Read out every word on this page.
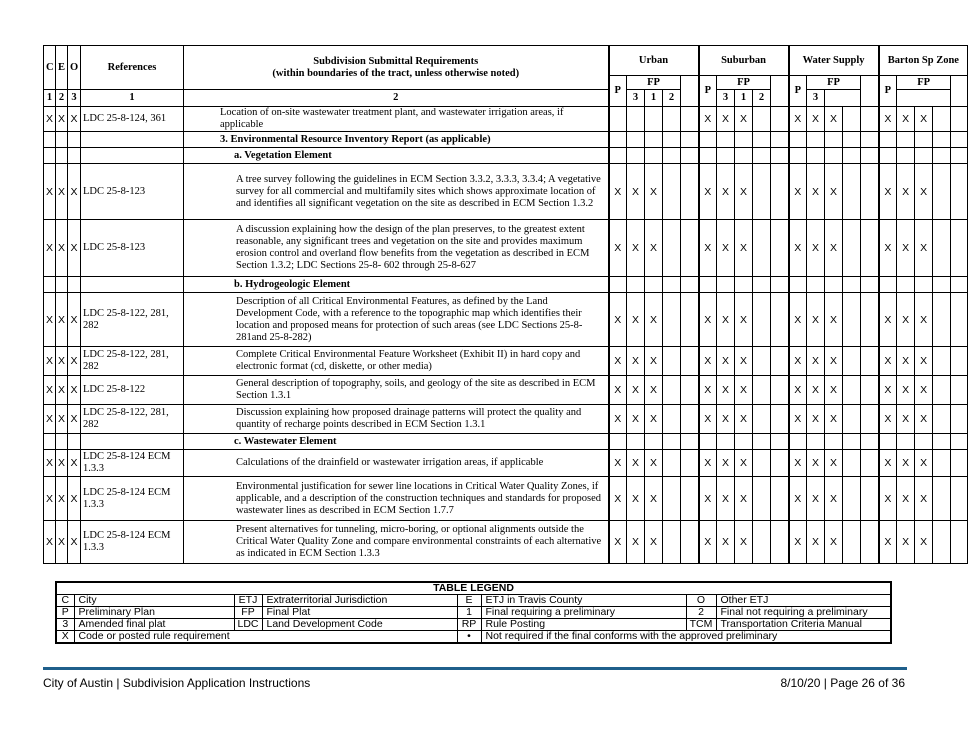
C	E	O	References	Subdivision Submittal Requirements
(within boundaries of the tract, unless otherwise noted)	Urban					Suburban					Water Supply					Barton Sp Zone				
					P	FP				P	FP				P	FP				P	FP			
1	2	3	1	2		3	1	2			3	1	2			3								
X	X	X	LDC 25-8-124, 361	Location of on-site wastewater treatment plant, and wastewater irrigation areas, if applicable						X	X	X			X	X	X			X	X	X		
				3. Environmental Resource Inventory Report (as applicable)																				
				a. Vegetation Element																				
X	X	X	LDC 25-8-123	A tree survey following the guidelines in ECM Section 3.3.2, 3.3.3, 3.3.4; A vegetative survey for all commercial and multifamily sites which shows approximate location of and identifies all significant vegetation on the site as described in ECM Section 1.3.2	X	X	X			X	X	X			X	X	X			X	X	X		
X	X	X	LDC 25-8-123	A discussion explaining how the design of the plan preserves, to the greatest extent reasonable, any significant trees and vegetation on the site and provides maximum erosion control and overland flow benefits from the vegetation as described in ECM Section 1.3.2; LDC Sections 25-8- 602 through 25-8-627	X	X	X			X	X	X			X	X	X			X	X	X		
				b. Hydrogeologic Element																				
X	X	X	LDC 25-8-122, 281, 282	Description of all Critical Environmental Features, as defined by the Land Development Code, with a reference to the topographic map which identifies their location and proposed means for protection of such areas (see LDC Sections 25-8-281and 25-8-282)	X	X	X			X	X	X			X	X	X			X	X	X		
X	X	X	LDC 25-8-122, 281, 282	Complete Critical Environmental Feature Worksheet (Exhibit II) in hard copy and electronic format (cd, diskette, or other media)	X	X	X			X	X	X			X	X	X			X	X	X		
X	X	X	LDC 25-8-122	General description of topography, soils, and geology of the site as described in ECM Section 1.3.1	X	X	X			X	X	X			X	X	X			X	X	X		
X	X	X	LDC 25-8-122, 281, 282	Discussion explaining how proposed drainage patterns will protect the quality and quantity of recharge points described in ECM Section 1.3.1	X	X	X			X	X	X			X	X	X			X	X	X		
				c. Wastewater Element																				
X	X	X	LDC 25-8-124 ECM 1.3.3	Calculations of the drainfield or wastewater irrigation areas, if applicable	X	X	X			X	X	X			X	X	X			X	X	X		
X	X	X	LDC 25-8-124 ECM 1.3.3	Environmental justification for sewer line locations in Critical Water Quality Zones, if applicable, and a description of the construction techniques and standards for proposed wastewater lines as described in ECM Section 1.7.7	X	X	X			X	X	X			X	X	X			X	X	X		
X	X	X	LDC 25-8-124 ECM 1.3.3	Present alternatives for tunneling, micro-boring, or optional alignments outside the Critical Water Quality Zone and compare environmental constraints of each alternative as indicated in ECM Section 1.3.3	X	X	X			X	X	X			X	X	X			X	X	X		
TABLE LEGEND							
C	City	ETJ	Extraterritorial Jurisdiction	E	ETJ in Travis County	O	Other ETJ
P	Preliminary Plan	FP	Final Plat	1	Final requiring a preliminary	2	Final not requiring a preliminary
3	Amended final plat	LDC	Land Development Code	RP	Rule Posting	TCM	Transportation Criteria Manual
X	Code or posted rule requirement			•	Not required if the final conforms with the approved preliminary		
City of Austin | Subdivision Application Instructions	8/10/20 | Page 26 of 36
